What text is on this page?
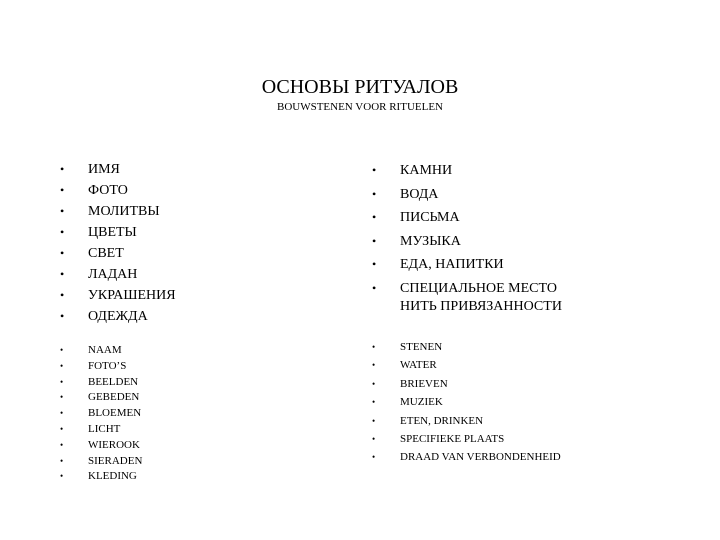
ОСНОВЫ РИТУАЛОВ
BOUWSTENEN VOOR RITUELEN
• ИМЯ
• ФОТО
• МОЛИТВЫ
• ЦВЕТЫ
• СВЕТ
• ЛАДАН
• УКРАШЕНИЯ
• ОДЕЖДА
• КАМНИ
• ВОДА
• ПИСЬМА
• МУЗЫКА
• ЕДА, НАПИТКИ
• СПЕЦИАЛЬНОЕ МЕСТО
НИТЬ ПРИВЯЗАННОСТИ
• NAAM
• FOTO’S
• BEELDEN
• GEBEDEN
• BLOEMEN
• LICHT
• WIEROOK
• SIERADEN
• KLEDING
• STENEN
• WATER
• BRIEVEN
• MUZIEK
• ETEN, DRINKEN
• SPECIFIEKE PLAATS
• DRAAD VAN VERBONDENHEID
